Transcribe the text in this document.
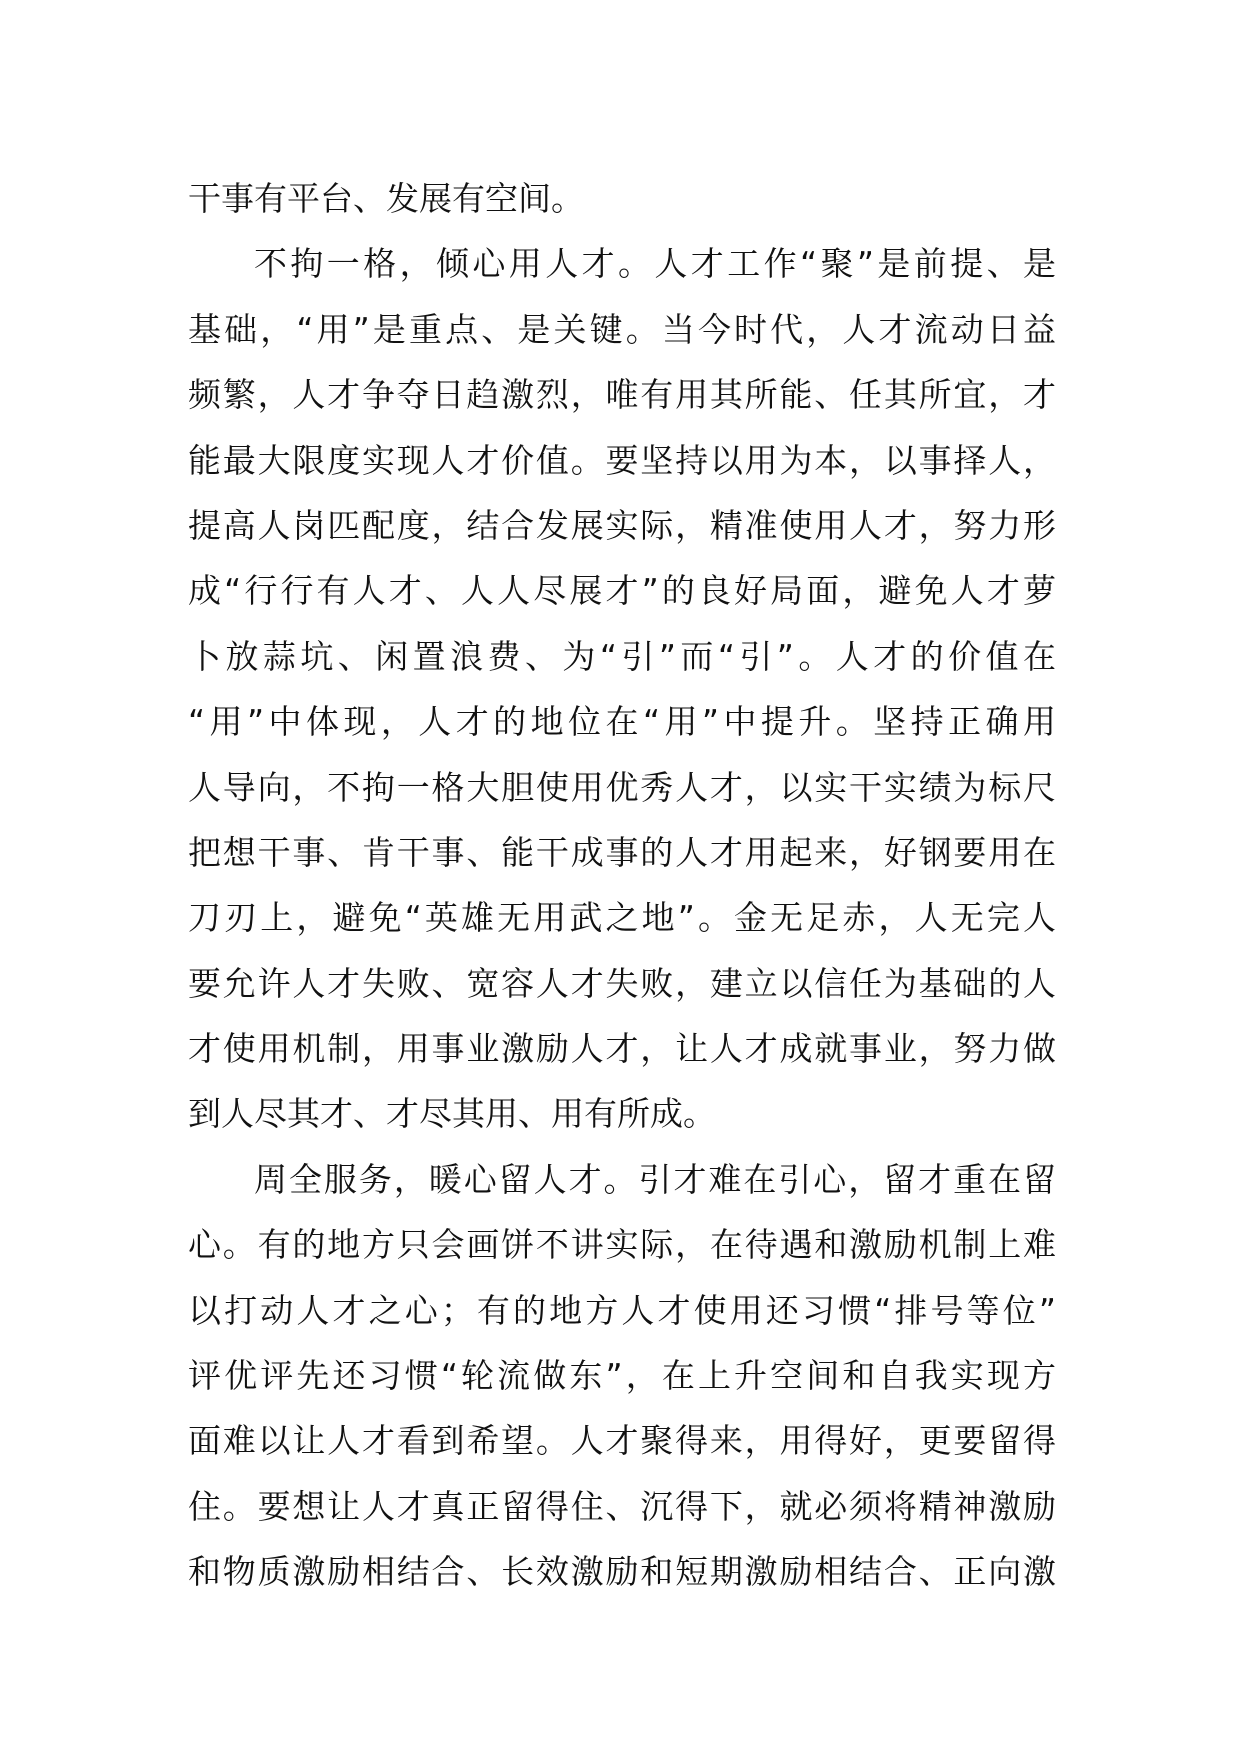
干事有平台、发展有空间。
不拘一格，倾心用人才。人才工作“聚”是前提、是
基础，“用”是重点、是关键。当今时代，人才流动日益
频繁，人才争夺日趋激烈，唯有用其所能、任其所宜，才
能最大限度实现人才价值。要坚持以用为本，以事择人，
提高人岗匹配度，结合发展实际，精准使用人才，努力形
成“行行有人才、人人尽展才”的良好局面，避免人才萝
卜放蒜坑、闲置浪费、为“引”而“引”。人才的价值在
“用”中体现，人才的地位在“用”中提升。坚持正确用
人导向，不拘一格大胆使用优秀人才，以实干实绩为标尺
把想干事、肯干事、能干成事的人才用起来，好钢要用在
刀刃上，避免“英雄无用武之地”。金无足赤，人无完人
要允许人才失败、宽容人才失败，建立以信任为基础的人
才使用机制，用事业激励人才，让人才成就事业，努力做
到人尽其才、才尽其用、用有所成。
周全服务，暖心留人才。引才难在引心，留才重在留
心。有的地方只会画饼不讲实际，在待遇和激励机制上难
以打动人才之心；有的地方人才使用还习惯“排号等位”
评优评先还习惯“轮流做东”，在上升空间和自我实现方
面难以让人才看到希望。人才聚得来，用得好，更要留得
住。要想让人才真正留得住、沉得下，就必须将精神激励
和物质激励相结合、长效激励和短期激励相结合、正向激
